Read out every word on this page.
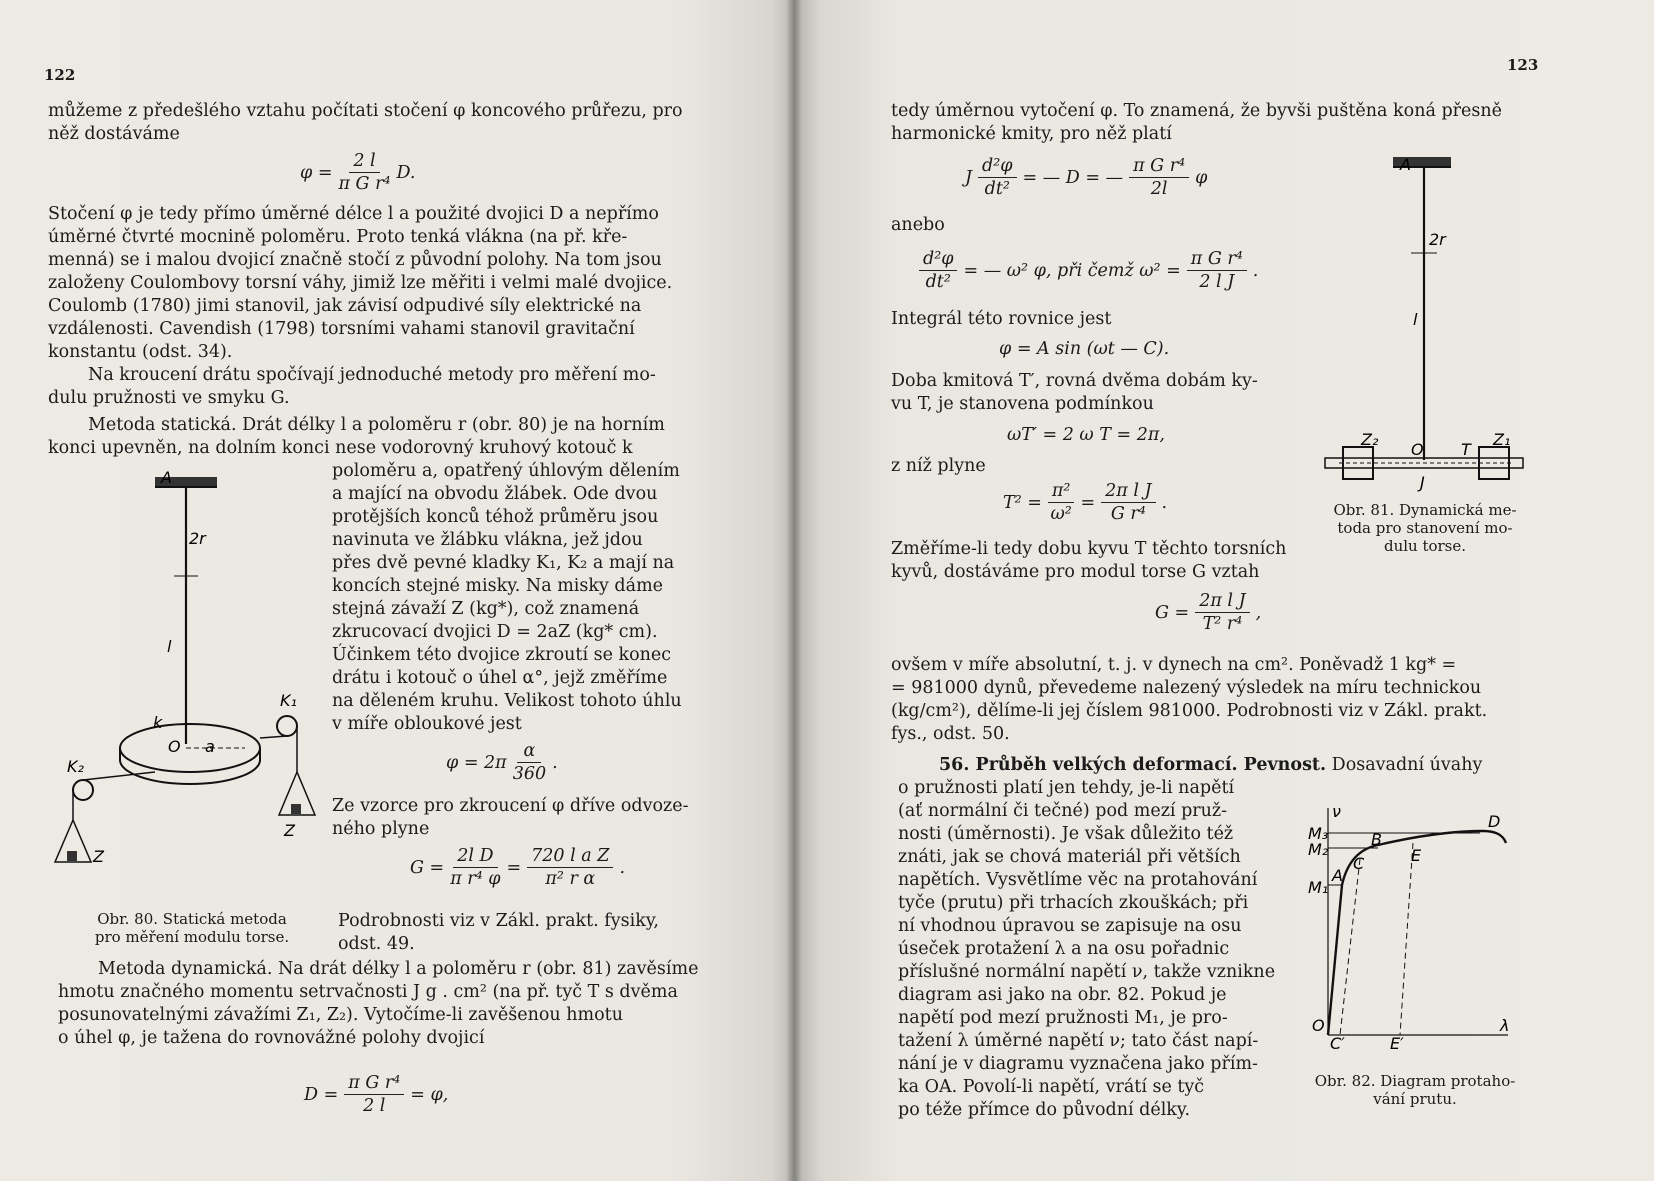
122
můžeme z předešlého vztahu počítati stočení φ koncového průřezu, pro
něž dostáváme
$\varphi = \frac{2 l}{\text{π G r⁴}} D$.
Stočení φ je tedy přímo úměrné délce l a použité dvojici D a nepřímo
úměrné čtvrté mocnině poloměru. Proto tenká vlákna (na př. kře-
menná) se i malou dvojicí značně stočí z původní polohy. Na tom jsou
založeny Coulombovy torsní váhy, jimiž lze měřiti i velmi malé dvojice.
Coulomb (1780) jimi stanovil, jak závisí odpudivé síly elektrické na
vzdálenosti. Cavendish (1798) torsními vahami stanovil gravitační
konstantu (odst. 34).
Na kroucení drátu spočívají jednoduché metody pro měření mo-
dulu pružnosti ve smyku G.
Metoda statická. Drát délky l a poloměru r (obr. 80) je na horním
konci upevněn, na dolním konci nese vodorovný kruhový kotouč k
poloměru a, opatřený úhlovým dělením
a mající na obvodu žlábek. Ode dvou
protějších konců téhož průměru jsou
navinuta ve žlábku vlákna, jež jdou
přes dvě pevné kladky K₁, K₂ a mají na
koncích stejné misky. Na misky dáme
stejná závaží Z (kg*), což znamená
zkrucovací dvojici D = 2aZ (kg* cm).
Účinkem této dvojice zkroutí se konec
drátu i kotouč o úhel α°, jejž změříme
na děleném kruhu. Velikost tohoto úhlu
v míře obloukové jest
$\varphi = 2\pi \frac{\alpha}{360}$ .
Ze vzorce pro zkroucení φ dříve odvoze-
ného plyne
$G = \frac{\text{2l D}}{\text{π r⁴ φ}} = \frac{\text{720 l a Z}}{\text{π² r α}}$ .
Podrobnosti viz v Zákl. prakt. fysiky,
odst. 49.
A
2r
l
k
O a
K₁
K₂
Z
Z
Obr. 80. Statická metoda
pro měření modulu torse.
Metoda dynamická. Na drát délky l a poloměru r (obr. 81) zavěsíme
hmotu značného momentu setrvačnosti J g . cm² (na př. tyč T s dvěma
posunovatelnými závažími Z₁, Z₂). Vytočíme-li zavěšenou hmotu
o úhel φ, je tažena do rovnovážné polohy dvojicí
$D = \frac{\text{π G r⁴}}{2 l} = \varphi$,
123
tedy úměrnou vytočení φ. To znamená, že byvši puštěna koná přesně
harmonické kmity, pro něž platí
J $\frac{\text{d²φ}}{\text{dt²}}$ = — D = — $\frac{\text{π G r⁴}}{2l}$ φ
anebo
$\frac{\text{d²φ}}{\text{dt²}}$ = — ω² φ, při čemž $\omega^2 = \frac{\text{π G r⁴}}{\text{2 l J}}$ .
Integrál této rovnice jest
φ = A sin (ωt — C).
Doba kmitová T′, rovná dvěma dobám ky-
vu T, je stanovena podmínkou
ωT′ = 2 ω T = 2π,
z níž plyne
$T^2 = \frac{\text{π²}}{\text{ω²}} = \frac{\text{2π l J}}{\text{G r⁴}}$ .
Změříme-li tedy dobu kyvu T těchto torsních
kyvů, dostáváme pro modul torse G vztah
$G = \frac{\text{2π l J}}{\text{T² r⁴}}$ ,
ovšem v míře absolutní, t. j. v dynech na cm². Poněvadž 1 kg* =
= 981000 dynů, převedeme nalezený výsledek na míru technickou
(kg/cm²), dělíme-li jej číslem 981000. Podrobnosti viz v Zákl. prakt.
fys., odst. 50.
56. Průběh velkých deformací. Pevnost. Dosavadní úvahy
o pružnosti platí jen tehdy, je-li napětí
(ať normální či tečné) pod mezí pruž-
nosti (úměrnosti). Je však důležito též
znáti, jak se chová materiál při větších
napětích. Vysvětlíme věc na protahování
tyče (prutu) při trhacích zkouškách; při
ní vhodnou úpravou se zapisuje na osu
úseček protažení λ a na osu pořadnic
příslušné normální napětí ν, takže vznikne
diagram asi jako na obr. 82. Pokud je
napětí pod mezí pružnosti M₁, je pro-
tažení λ úměrné napětí ν; tato část napí-
nání je v diagramu vyznačena jako přím-
ka OA. Povolí-li napětí, vrátí se tyč
po téže přímce do původní délky.
A
2r
l
Z₂
O T
Z₁
J
Obr. 81. Dynamická me-
toda pro stanovení mo-
dulu torse.
ν
M₃
M₂
M₁
A
B
C
D
E
O
C′	E′
λ
Obr. 82. Diagram protaho-
vání prutu.
